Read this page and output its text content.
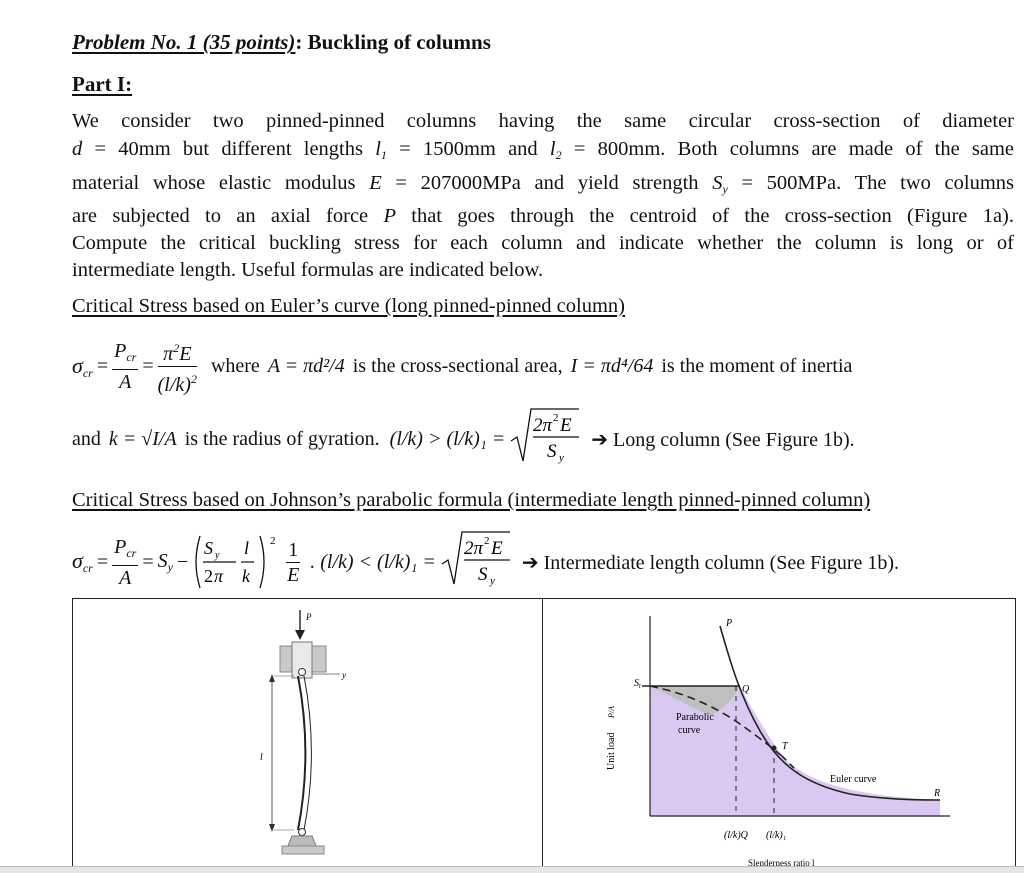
Problem No. 1 (35 points): Buckling of columns
Part I:
We consider two pinned-pinned columns having the same circular cross-section of diameter
d = 40mm but different lengths $l_1 = 1500mm$ and $l_2 = 800mm$. Both columns are made of the same
material whose elastic modulus E = 207000MPa and yield strength $S_y = 500MPa$. The two columns
are subjected to an axial force P that goes through the centroid of the cross-section (Figure 1a).
Compute the critical buckling stress for each column and indicate whether the column is long or of
intermediate length. Useful formulas are indicated below.
Critical Stress based on Euler’s curve (long pinned-pinned column)
$\sigma_{cr} = \frac{P_{cr}}{A} = \frac{\pi^2E}{(l/k)^2}$ where A = πd²/4 is the cross-sectional area, I = πd⁴/64 is the moment of inertia
and k = √I/A is the radius of gyration. (l/k) > (l/k)₁ =
2π 2 E
S y
➔ Long column (See Figure 1b).
Critical Stress based on Johnson’s parabolic formula (intermediate length pinned-pinned column)
$\sigma_{cr} = \frac{P_{cr}}{A} = S_y$ −
S y
2 π
l
k
$2 \frac{1}{E}$ . (l/k) < (l/k)₁ =
2π 2 E
S y
➔ Intermediate length column (See Figure 1b).
P
y
l
Sᵧ
P
Q
T
R
Parabolic
curve
Euler curve
(l/k)Q (l/k)₁
Unit load
P/A
Slenderness ratio l
